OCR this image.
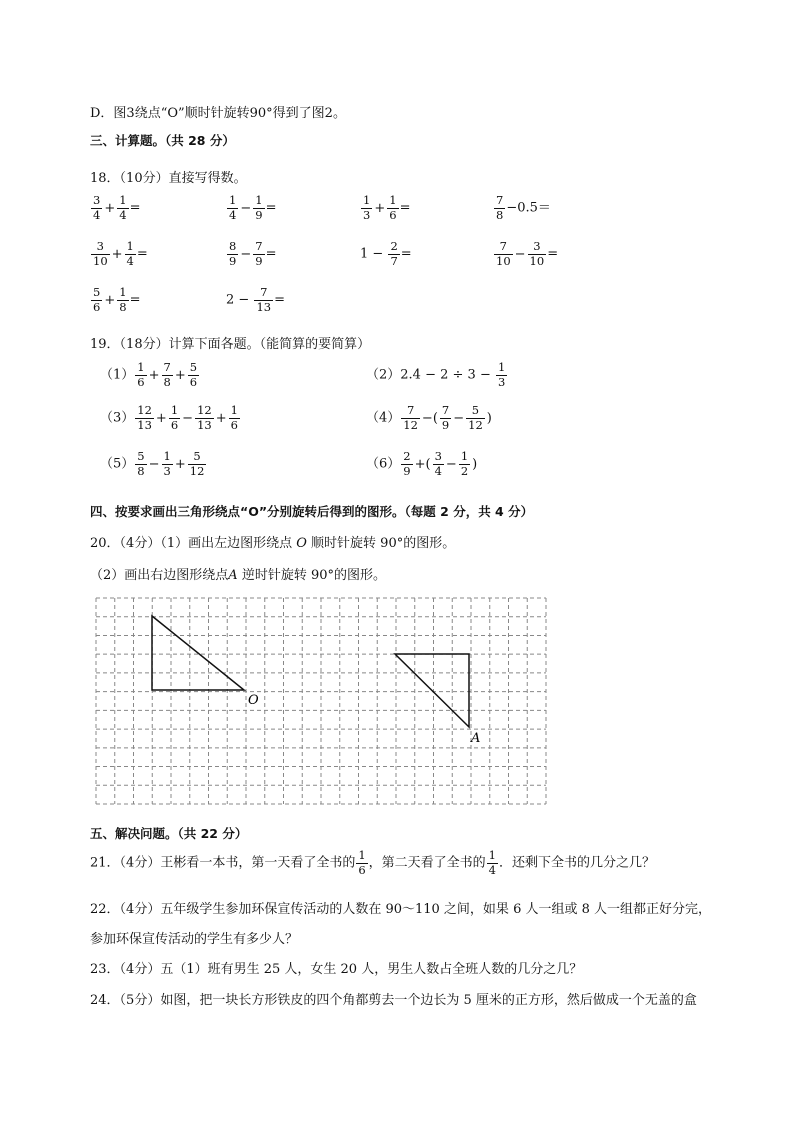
D．图3绕点“O”顺时针旋转90°得到了图2。
三、计算题。（共 28 分）
18．（10分）直接写得数。
$\frac{3}{4} + \frac{1}{4}$ =	$\frac{1}{4} - \frac{1}{9}$ =	$\frac{1}{3} + \frac{1}{6}$ =	$\frac{7}{8} -0.5=$
$\frac{3}{10} + \frac{1}{4}$ =	$\frac{8}{9} - \frac{7}{9}$ =	$1 - \frac{2}{7}$ =	$\frac{7}{10} - \frac{3}{10}$ =
$\frac{5}{6} + \frac{1}{8}$ =	$2 - \frac{7}{13}$ =
19．（18分）计算下面各题。（能简算的要简算）
$(1) \frac{1}{6} + \frac{7}{8} + \frac{5}{6}$	$(2)2.4 - 2 \div 3 - \frac{1}{3}$
$(3) \frac{12}{13} + \frac{1}{6} - \frac{12}{13} + \frac{1}{6}$	$(4) \frac{7}{12}$ −( $\frac{7}{9} - \frac{5}{12}$ )
$(5) \frac{5}{8} - \frac{1}{3} + \frac{5}{12}$	$(6) \frac{2}{9}$ +( $\frac{3}{4} - \frac{1}{2}$ )
四、按要求画出三角形绕点“O”分别旋转后得到的图形。（每题 2 分，共 4 分）
20．（4分）（1）画出左边图形绕点 O 顺时针旋转 90°的图形。
（2）画出右边图形绕点A 逆时针旋转 90°的图形。
O
A
五、解决问题。（共 22 分）
21．（4分）王彬看一本书，第一天看了全书的 $\frac{1}{6}$ ，第二天看了全书的 $\frac{1}{4}$ ．还剩下全书的几分之几？
22．（4分）五年级学生参加环保宣传活动的人数在 90～110 之间，如果 6 人一组或 8 人一组都正好分完，
参加环保宣传活动的学生有多少人？
23．（4分）五（1）班有男生 25 人，女生 20 人，男生人数占全班人数的几分之几？
24．（5分）如图，把一块长方形铁皮的四个角都剪去一个边长为 5 厘米的正方形，然后做成一个无盖的盒
